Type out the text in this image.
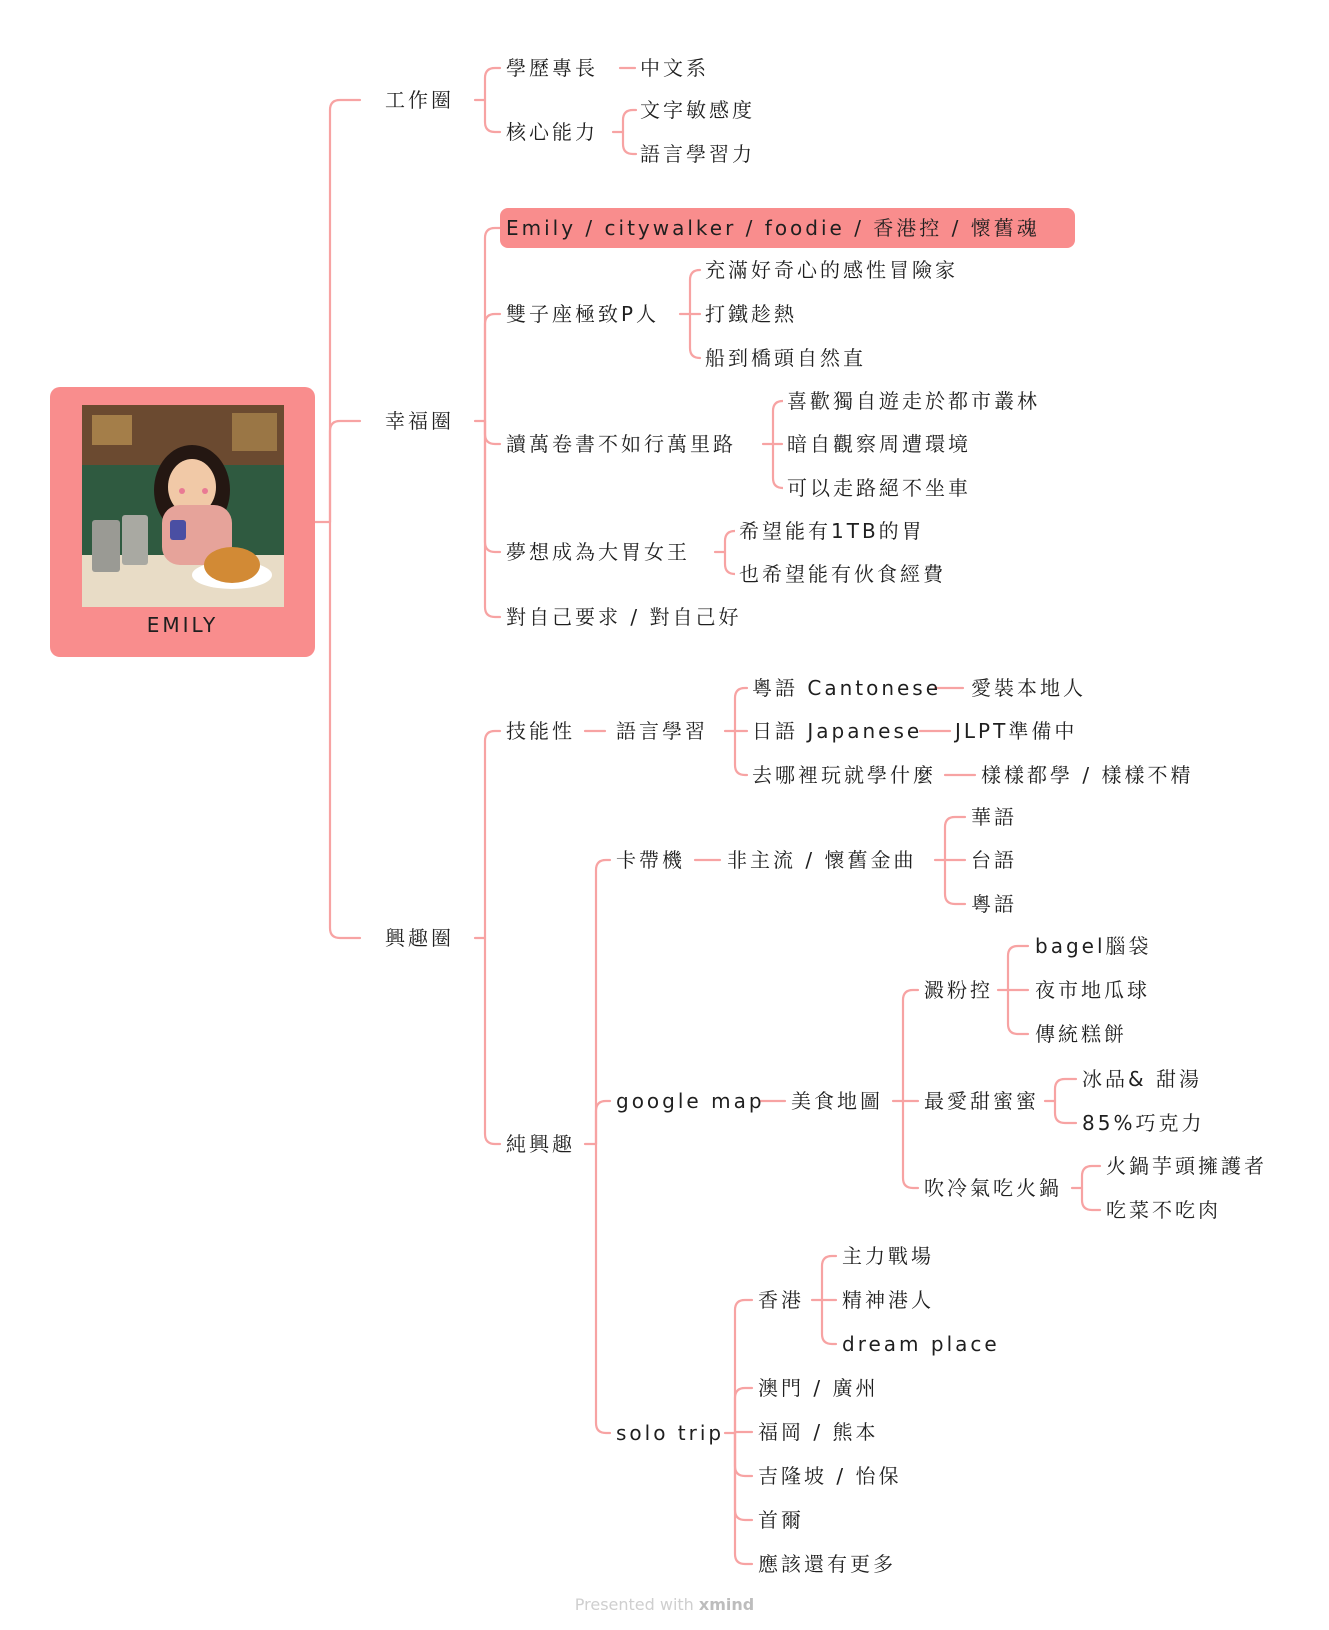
EMILY
工作圈
幸福圈
興趣圈
學歷專長 中文系
核心能力
文字敏感度
語言學習力
Emily / citywalker / foodie / 香港控 / 懷舊魂
雙子座極致P人
充滿好奇心的感性冒險家
打鐵趁熱
船到橋頭自然直
讀萬卷書不如行萬里路
喜歡獨自遊走於都市叢林
暗自觀察周遭環境
可以走路絕不坐車
夢想成為大胃女王
希望能有1TB的胃
也希望能有伙食經費
對自己要求 / 對自己好
技能性 語言學習
粵語 Cantonese 愛裝本地人
日語 Japanese JLPT準備中
去哪裡玩就學什麼 樣樣都學 / 樣樣不精
純興趣
卡帶機 非主流 / 懷舊金曲
華語
台語
粵語
google map 美食地圖
澱粉控
bagel腦袋
夜市地瓜球
傳統糕餅
最愛甜蜜蜜
冰品& 甜湯
85%巧克力
吹冷氣吃火鍋
火鍋芋頭擁護者
吃菜不吃肉
solo trip
香港
主力戰場
精神港人
dream place
澳門 / 廣州
福岡 / 熊本
吉隆坡 / 怡保
首爾
應該還有更多
Presented with xmind
